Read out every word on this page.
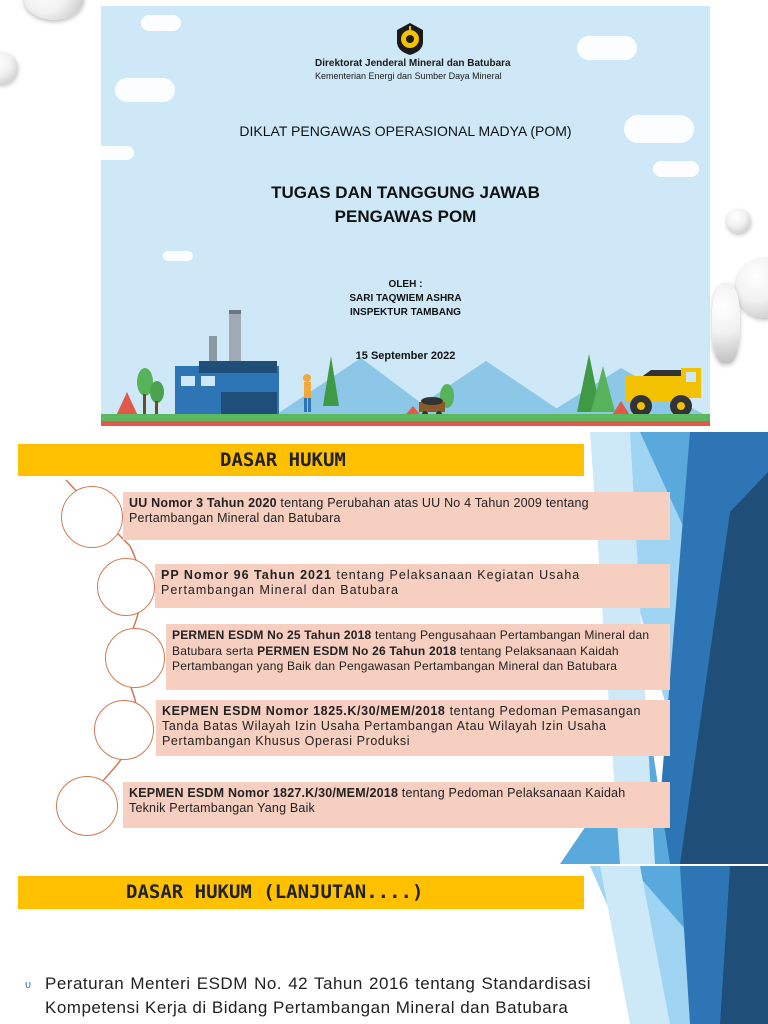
Direktorat Jenderal Mineral dan Batubara
Kementerian Energi dan Sumber Daya Mineral
DIKLAT PENGAWAS OPERASIONAL MADYA (POM)
TUGAS DAN TANGGUNG JAWAB
PENGAWAS POM
OLEH :
SARI TAQWIEM ASHRA
INSPEKTUR TAMBANG
15 September 2022
DASAR HUKUM
UU Nomor 3 Tahun 2020 tentang Perubahan atas UU No 4 Tahun 2009 tentang Pertambangan Mineral dan Batubara
PP Nomor 96 Tahun 2021 tentang Pelaksanaan Kegiatan Usaha Pertambangan Mineral dan Batubara
PERMEN ESDM No 25 Tahun 2018 tentang Pengusahaan Pertambangan Mineral dan Batubara serta PERMEN ESDM No 26 Tahun 2018 tentang Pelaksanaan Kaidah Pertambangan yang Baik dan Pengawasan Pertambangan Mineral dan Batubara
KEPMEN ESDM Nomor 1825.K/30/MEM/2018 tentang Pedoman Pemasangan Tanda Batas Wilayah Izin Usaha Pertambangan Atau Wilayah Izin Usaha Pertambangan Khusus Operasi Produksi
KEPMEN ESDM Nomor 1827.K/30/MEM/2018 tentang Pedoman Pelaksanaan Kaidah Teknik Pertambangan Yang Baik
DASAR HUKUM (LANJUTAN....)
υ Peraturan Menteri ESDM No. 42 Tahun 2016 tentang Standardisasi Kompetensi Kerja di Bidang Pertambangan Mineral dan Batubara
